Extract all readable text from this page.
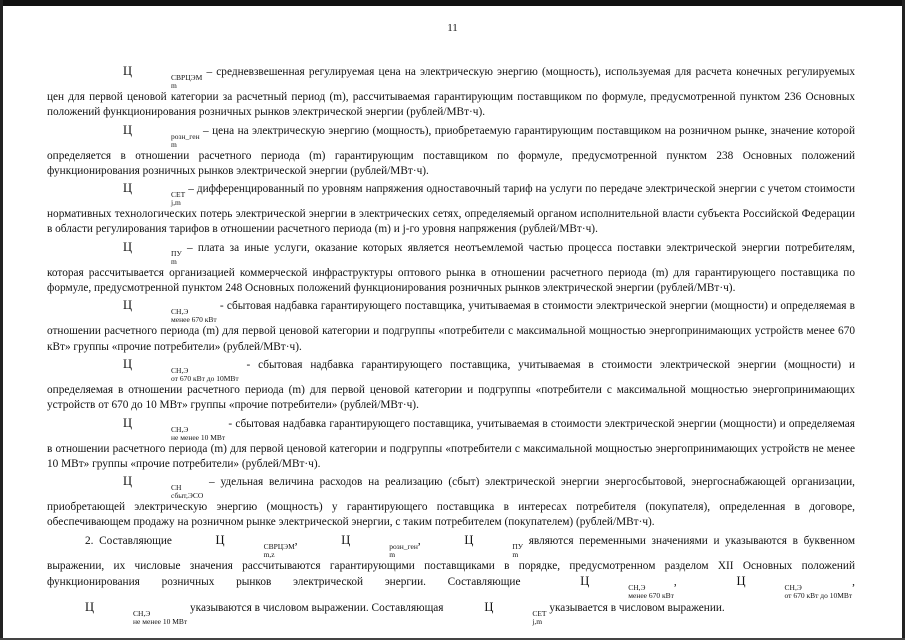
11

Ц	СВРЦЭМ
m
– средневзвешенная регулируемая цена на электрическую энергию (мощность), используемая для расчета конечных регулируемых цен для первой ценовой категории за расчетный период (m), рассчитываемая гарантирующим поставщиком по формуле, предусмотренной пунктом 236 Основных положений функционирования розничных рынков электрической энергии (рублей/МВт·ч).

Ц	розн_ген
m
– цена на электрическую энергию (мощность), приобретаемую гарантирующим поставщиком на розничном рынке, значение которой определяется в отношении расчетного периода (m) гарантирующим поставщиком по формуле, предусмотренной пунктом 238 Основных положений функционирования розничных рынков электрической энергии (рублей/МВт·ч).

Ц	СЕТ
j,m
– дифференцированный по уровням напряжения одноставочный тариф на услуги по передаче электрической энергии с учетом стоимости нормативных технологических потерь электрической энергии в электрических сетях, определяемый органом исполнительной власти субъекта Российской Федерации в области регулирования тарифов в отношении расчетного периода (m) и j-го уровня напряжения (рублей/МВт·ч).

Ц	ПУ
m
– плата за иные услуги, оказание которых является неотъемлемой частью процесса поставки электрической энергии потребителям, которая рассчитывается организацией коммерческой инфраструктуры оптового рынка в отношении расчетного периода (m) для гарантирующего поставщика по формуле, предусмотренной пунктом 248 Основных положений функционирования розничных рынков электрической энергии (рублей/МВт·ч).

Ц	СН,Э
менее 670 кВт
- сбытовая надбавка гарантирующего поставщика, учитываемая в стоимости электрической энергии (мощности) и определяемая в отношении расчетного периода (m) для первой ценовой категории и подгруппы «потребители с максимальной мощностью энергопринимающих устройств менее 670 кВт» группы «прочие потребители» (рублей/МВт·ч).

Ц	СН,Э
от 670 кВт до 10МВт
- сбытовая надбавка гарантирующего поставщика, учитываемая в стоимости электрической энергии (мощности) и определяемая в отношении расчетного периода (m) для первой ценовой категории и подгруппы «потребители с максимальной мощностью энергопринимающих устройств от 670 до 10 МВт» группы «прочие потребители» (рублей/МВт·ч).

Ц	СН,Э
не менее 10 МВт
- сбытовая надбавка гарантирующего поставщика, учитываемая в стоимости электрической энергии (мощности) и определяемая в отношении расчетного периода (m) для первой ценовой категории и подгруппы «потребители с максимальной мощностью энергопринимающих устройств не менее 10 МВт» группы «прочие потребители» (рублей/МВт·ч).

Ц	СН
сбыт,ЭСО
– удельная величина расходов на реализацию (сбыт) электрической энергии энергосбытовой, энергоснабжающей организации, приобретающей электрическую энергию (мощность) у гарантирующего поставщика в интересах потребителя (покупателя), определенная в договоре, обеспечивающем продажу на розничном рынке электрической энергии, с таким потребителем (покупателем) (рублей/МВт·ч).

2. Составляющие	Ц	СВРЦЭМ
m,z
,	Ц	розн_ген
m
,	Ц	ПУ
m
являются переменными значениями и указываются в буквенном выражении, их числовые значения рассчитываются гарантирующими поставщиками в порядке, предусмотренном разделом XII Основных положений функционирования розничных рынков электрической энергии. Составляющие	Ц	СН,Э
менее 670 кВт
,	Ц	СН,Э
от 670 кВт до 10МВт
, Ц	СН,Э
не менее 10 МВт
указываются в числовом выражении. Составляющая	Ц	СЕТ
j,m
указывается в числовом выражении.
